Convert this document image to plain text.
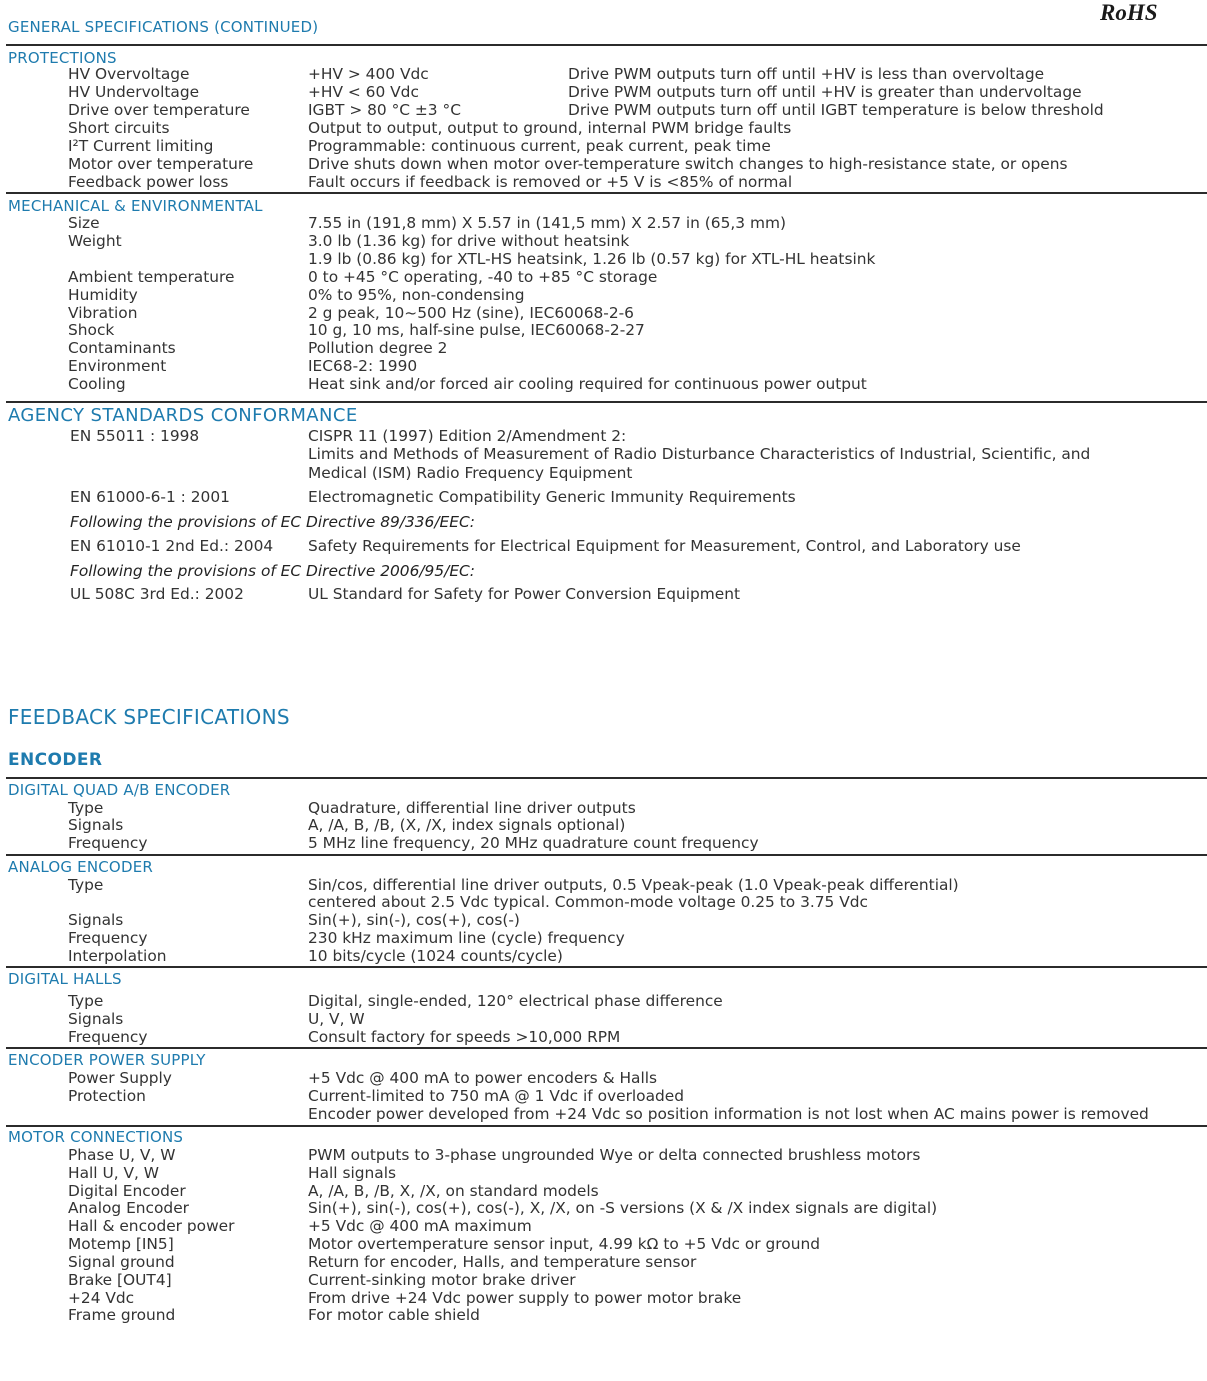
RoHS
GENERAL SPECIFICATIONS (CONTINUED)
PROTECTIONS
HV Overvoltage	+HV > 400 Vdc	Drive PWM outputs turn off until +HV is less than overvoltage
HV Undervoltage	+HV < 60 Vdc	Drive PWM outputs turn off until +HV is greater than undervoltage
Drive over temperature	IGBT > 80 °C ±3 °C	Drive PWM outputs turn off until IGBT temperature is below threshold
Short circuits	Output to output, output to ground, internal PWM bridge faults
I²T Current limiting	Programmable: continuous current, peak current, peak time
Motor over temperature	Drive shuts down when motor over-temperature switch changes to high-resistance state, or opens
Feedback power loss	Fault occurs if feedback is removed or +5 V is <85% of normal
MECHANICAL & ENVIRONMENTAL
Size	7.55 in (191,8 mm) X 5.57 in (141,5 mm) X 2.57 in (65,3 mm)
Weight	3.0 lb (1.36 kg) for drive without heatsink
1.9 lb (0.86 kg) for XTL-HS heatsink, 1.26 lb (0.57 kg) for XTL-HL heatsink
Ambient temperature	0 to +45 °C operating, -40 to +85 °C storage
Humidity	0% to 95%, non-condensing
Vibration	2 g peak, 10~500 Hz (sine), IEC60068-2-6
Shock	10 g, 10 ms, half-sine pulse, IEC60068-2-27
Contaminants	Pollution degree 2
Environment	IEC68-2: 1990
Cooling	Heat sink and/or forced air cooling required for continuous power output
AGENCY STANDARDS CONFORMANCE
EN 55011 : 1998	CISPR 11 (1997) Edition 2/Amendment 2:
Limits and Methods of Measurement of Radio Disturbance Characteristics of Industrial, Scientific, and
Medical (ISM) Radio Frequency Equipment
EN 61000-6-1 : 2001	Electromagnetic Compatibility Generic Immunity Requirements
Following the provisions of EC Directive 89/336/EEC:
EN 61010-1 2nd Ed.: 2004 Safety Requirements for Electrical Equipment for Measurement, Control, and Laboratory use
Following the provisions of EC Directive 2006/95/EC:
UL 508C 3rd Ed.: 2002	UL Standard for Safety for Power Conversion Equipment
FEEDBACK SPECIFICATIONS
ENCODER
DIGITAL QUAD A/B ENCODER
Type	Quadrature, differential line driver outputs
Signals	A, /A, B, /B, (X, /X, index signals optional)
Frequency	5 MHz line frequency, 20 MHz quadrature count frequency
ANALOG ENCODER
Type	Sin/cos, differential line driver outputs, 0.5 Vpeak-peak (1.0 Vpeak-peak differential)
centered about 2.5 Vdc typical. Common-mode voltage 0.25 to 3.75 Vdc
Signals	Sin(+), sin(-), cos(+), cos(-)
Frequency	230 kHz maximum line (cycle) frequency
Interpolation	10 bits/cycle (1024 counts/cycle)
DIGITAL HALLS
Type	Digital, single-ended, 120° electrical phase difference
Signals	U, V, W
Frequency	Consult factory for speeds >10,000 RPM
ENCODER POWER SUPPLY
Power Supply	+5 Vdc @ 400 mA to power encoders & Halls
Protection	Current-limited to 750 mA @ 1 Vdc if overloaded
Encoder power developed from +24 Vdc so position information is not lost when AC mains power is removed
MOTOR CONNECTIONS
Phase U, V, W	PWM outputs to 3-phase ungrounded Wye or delta connected brushless motors
Hall U, V, W	Hall signals
Digital Encoder	A, /A, B, /B, X, /X, on standard models
Analog Encoder	Sin(+), sin(-), cos(+), cos(-), X, /X, on -S versions (X & /X index signals are digital)
Hall & encoder power	+5 Vdc @ 400 mA maximum
Motemp [IN5]	Motor overtemperature sensor input, 4.99 kΩ to +5 Vdc or ground
Signal ground	Return for encoder, Halls, and temperature sensor
Brake [OUT4]	Current-sinking motor brake driver
+24 Vdc	From drive +24 Vdc power supply to power motor brake
Frame ground	For motor cable shield
